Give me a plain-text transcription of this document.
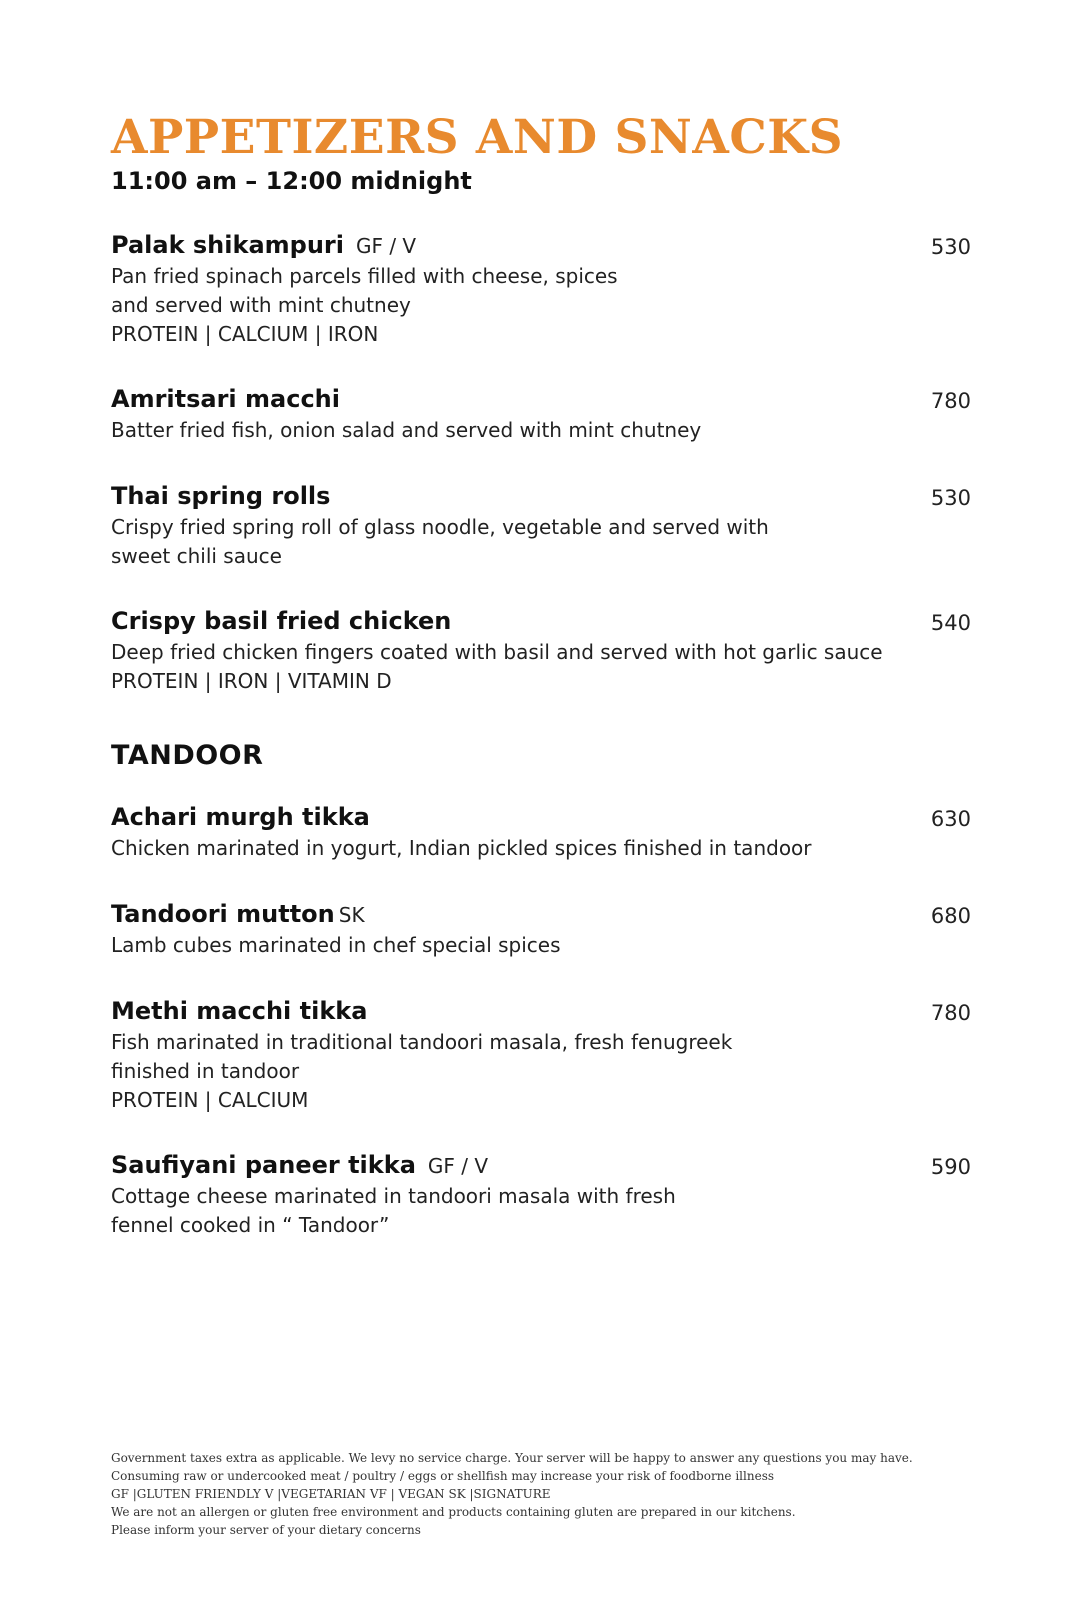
APPETIZERS AND SNACKS
11:00 am – 12:00 midnight
Palak shikampuri GF / V	530
Pan fried spinach parcels filled with cheese, spices
and served with mint chutney
PROTEIN | CALCIUM | IRON
Amritsari macchi	780
Batter fried fish, onion salad and served with mint chutney
Thai spring rolls	530
Crispy fried spring roll of glass noodle, vegetable and served with
sweet chili sauce
Crispy basil fried chicken	540
Deep fried chicken fingers coated with basil and served with hot garlic sauce
PROTEIN | IRON | VITAMIN D
TANDOOR
Achari murgh tikka	630
Chicken marinated in yogurt, Indian pickled spices finished in tandoor
Tandoori mutton SK	680
Lamb cubes marinated in chef special spices
Methi macchi tikka	780
Fish marinated in traditional tandoori masala, fresh fenugreek
finished in tandoor
PROTEIN | CALCIUM
Saufiyani paneer tikka GF / V	590
Cottage cheese marinated in tandoori masala with fresh
fennel cooked in “ Tandoor”
Government taxes extra as applicable. We levy no service charge. Your server will be happy to answer any questions you may have.
Consuming raw or undercooked meat / poultry / eggs or shellfish may increase your risk of foodborne illness
GF |GLUTEN FRIENDLY V |VEGETARIAN VF | VEGAN SK |SIGNATURE
We are not an allergen or gluten free environment and products containing gluten are prepared in our kitchens.
Please inform your server of your dietary concerns
